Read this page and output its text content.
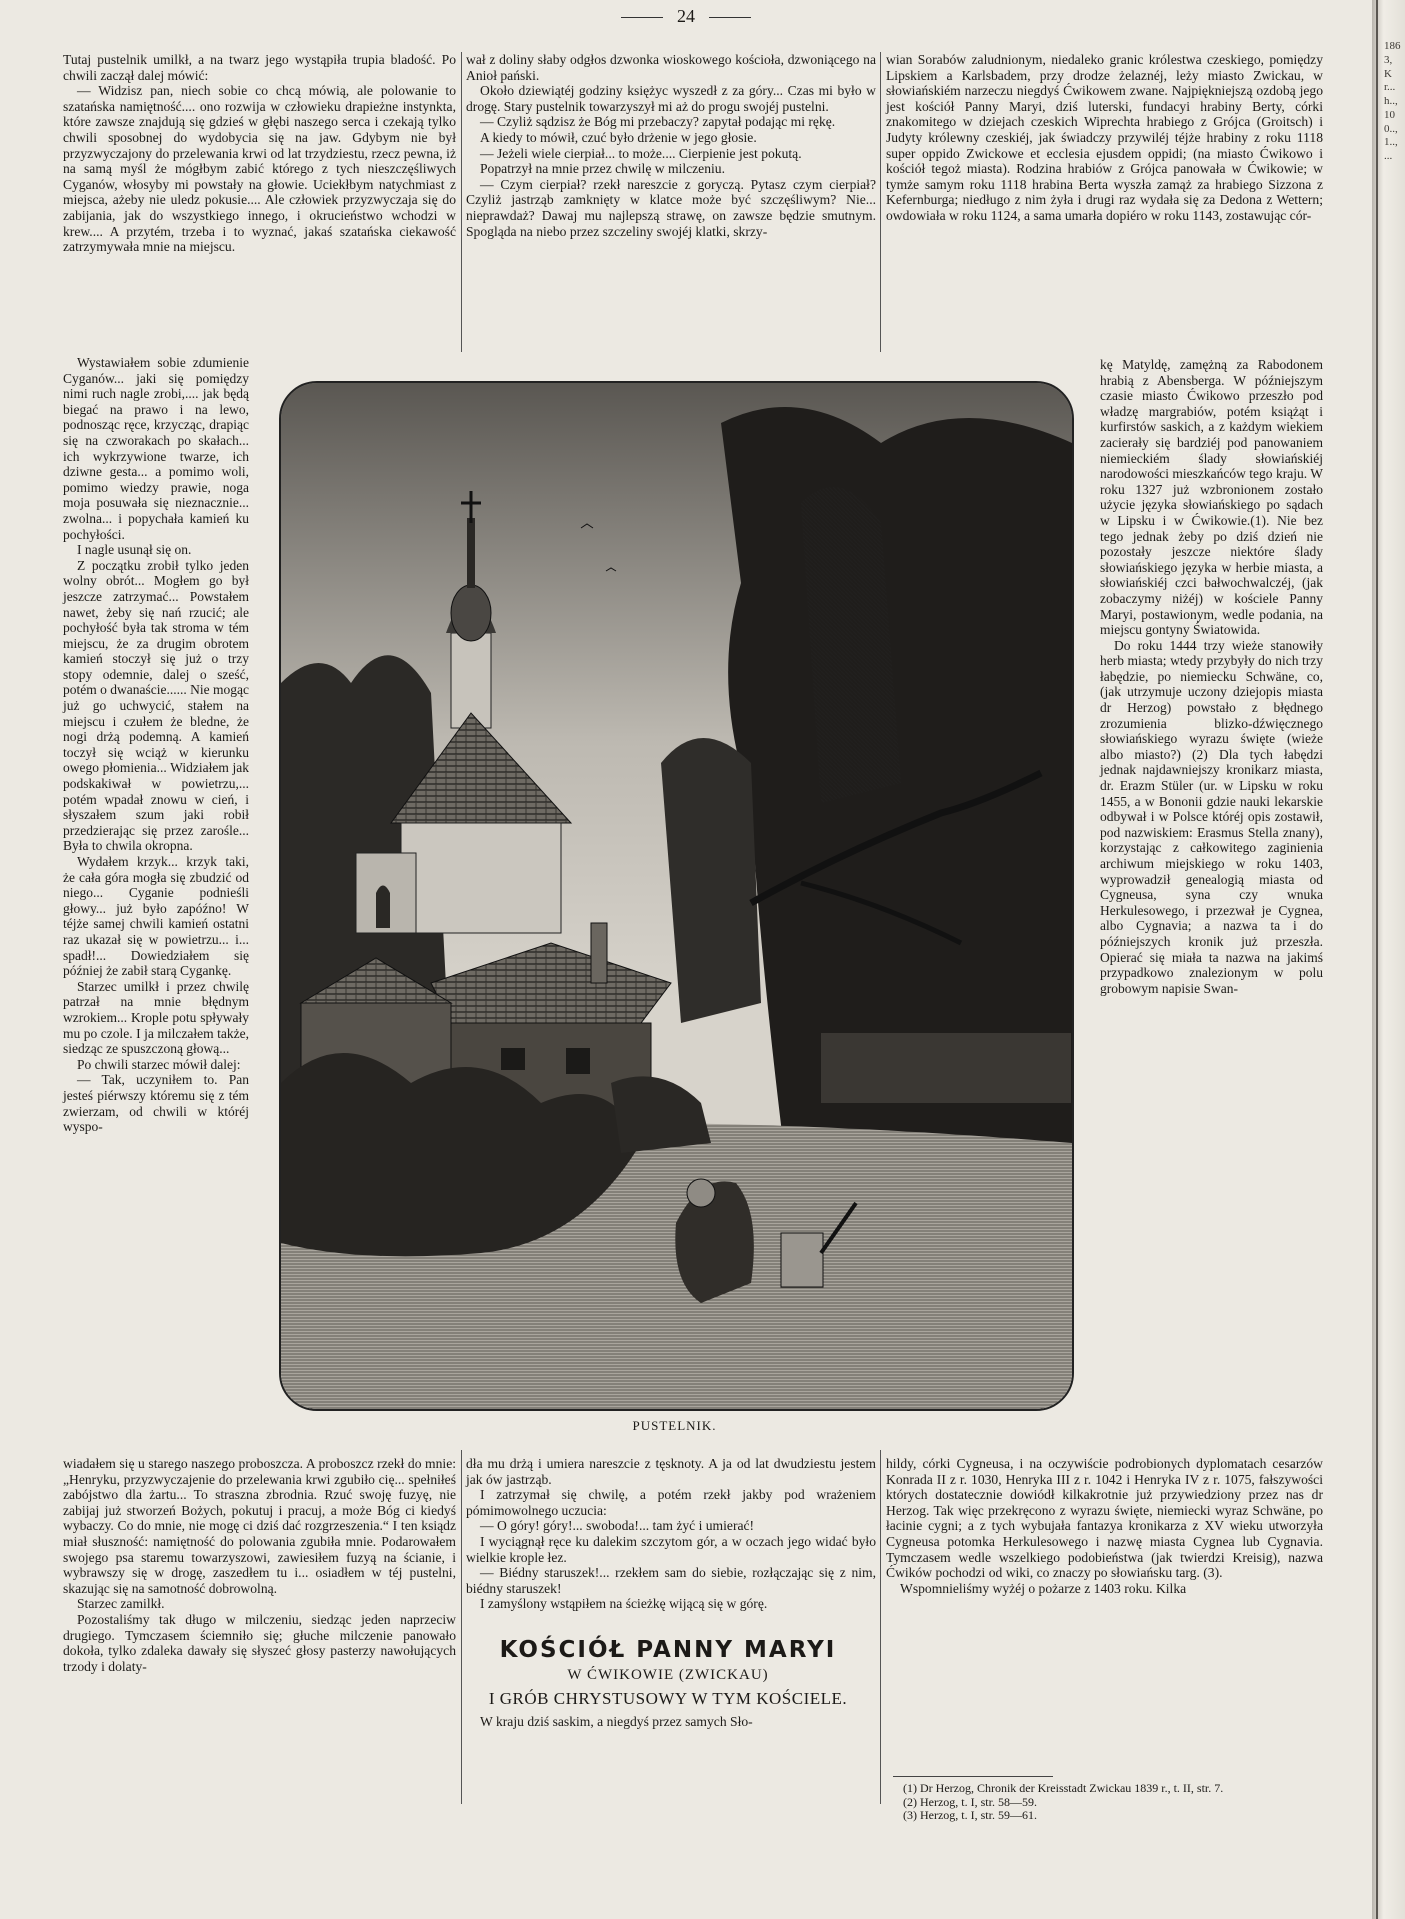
24

Tutaj pustelnik umilkł, a na twarz jego wystąpiła trupia bladość. Po chwili zaczął dalej mówić:

— Widzisz pan, niech sobie co chcą mówią, ale polowanie to szatańska namiętność.... ono rozwija w człowieku drapieżne instynkta, które zawsze znajdują się gdzieś w głębi naszego serca i czekają tylko chwili sposobnej do wydobycia się na jaw. Gdybym nie był przyzwyczajony do przelewania krwi od lat trzydziestu, rzecz pewna, iż na samą myśl że mógłbym zabić którego z tych nieszczęśliwych Cyganów, włosyby mi powstały na głowie. Uciekłbym natychmiast z miejsca, ażeby nie uledz pokusie.... Ale człowiek przyzwyczaja się do zabijania, jak do wszystkiego innego, i okrucieństwo wchodzi w krew.... A przytém, trzeba i to wyznać, jakaś szatańska ciekawość zatrzymywała mnie na miejscu.

Wystawiałem sobie zdumienie Cyganów... jaki się pomiędzy nimi ruch nagle zrobi,.... jak będą biegać na prawo i na lewo, podnosząc ręce, krzycząc, drapiąc się na czworakach po skałach... ich wykrzywione twarze, ich dziwne gesta... a pomimo woli, pomimo wiedzy prawie, noga moja posuwała się nieznacznie... zwolna... i popychała kamień ku pochyłości.

I nagle usunął się on.

Z początku zrobił tylko jeden wolny obrót... Mogłem go był jeszcze zatrzymać... Powstałem nawet, żeby się nań rzucić; ale pochyłość była tak stroma w tém miejscu, że za drugim obrotem kamień stoczył się już o trzy stopy odemnie, dalej o sześć, potém o dwanaście...... Nie mogąc już go uchwycić, stałem na miejscu i czułem że bledne, że nogi drżą podemną. A kamień toczył się wciąż w kierunku owego płomienia... Widziałem jak podskakiwał w powietrzu,... potém wpadał znowu w cień, i słyszałem szum jaki robił przedzierając się przez zarośle... Była to chwila okropna.

Wydałem krzyk... krzyk taki, że cała góra mogła się zbudzić od niego... Cyganie podnieśli głowy... już było zapóźno! W téjże samej chwili kamień ostatni raz ukazał się w powietrzu... i... spadł!... Dowiedziałem się później że zabił starą Cygankę.

Starzec umilkł i przez chwilę patrzał na mnie błędnym wzrokiem... Krople potu spływały mu po czole. I ja milczałem także, siedząc ze spuszczoną głową...

Po chwili starzec mówił dalej:

— Tak, uczyniłem to. Pan jesteś piérwszy któremu się z tém zwierzam, od chwili w któréj wyspo-

wiadałem się u starego naszego proboszcza. A proboszcz rzekł do mnie: „Henryku, przyzwyczajenie do przelewania krwi zgubiło cię... spełniłeś zabójstwo dla żartu... To straszna zbrodnia. Rzuć swoję fuzyę, nie zabijaj już stworzeń Bożych, pokutuj i pracuj, a może Bóg ci kiedyś wybaczy. Co do mnie, nie mogę ci dziś dać rozgrzeszenia.“ I ten ksiądz miał słuszność: namiętność do polowania zgubiła mnie. Podarowałem swojego psa staremu towarzyszowi, zawiesiłem fuzyą na ścianie, i wybrawszy się w drogę, zaszedłem tu i... osiadłem w téj pustelni, skazując się na samotność dobrowolną.

Starzec zamilkł.

Pozostaliśmy tak długo w milczeniu, siedząc jeden naprzeciw drugiego. Tymczasem ściemniło się; głuche milczenie panowało dokoła, tylko zdaleka dawały się słyszeć głosy pasterzy nawołujących trzody i dolaty-

wał z doliny słaby odgłos dzwonka wioskowego kościoła, dzwoniącego na Anioł pański.

Około dziewiątéj godziny księżyc wyszedł z za góry... Czas mi było w drogę. Stary pustelnik towarzyszył mi aż do progu swojéj pustelni.

— Czyliż sądzisz że Bóg mi przebaczy? zapytał podając mi rękę.

A kiedy to mówił, czuć było drżenie w jego głosie.

— Jeżeli wiele cierpiał... to może.... Cierpienie jest pokutą.

Popatrzył na mnie przez chwilę w milczeniu.

— Czym cierpiał? rzekł nareszcie z goryczą. Pytasz czym cierpiał? Czyliż jastrząb zamknięty w klatce może być szczęśliwym? Nie... nieprawdaż? Dawaj mu najlepszą strawę, on zawsze będzie smutnym. Spogląda na niebo przez szczeliny swojéj klatki, skrzy-

dła mu drżą i umiera nareszcie z tęsknoty. A ja od lat dwudziestu jestem jak ów jastrząb.

I zatrzymał się chwilę, a potém rzekł jakby pod wrażeniem pómimowolnego uczucia:

— O góry! góry!... swoboda!... tam żyć i umierać!

I wyciągnął ręce ku dalekim szczytom gór, a w oczach jego widać było wielkie krople łez.

— Biédny staruszek!... rzekłem sam do siebie, rozłączając się z nim, biédny staruszek!

I zamyślony wstąpiłem na ścieżkę wijącą się w górę.

KOŚCIÓŁ PANNY MARYI
W ĆWIKOWIE (ZWICKAU)
I GRÓB CHRYSTUSOWY W TYM KOŚCIELE.

W kraju dziś saskim, a niegdyś przez samych Sło-

wian Sorabów zaludnionym, niedaleko granic królestwa czeskiego, pomiędzy Lipskiem a Karlsbadem, przy drodze żelaznéj, leży miasto Zwickau, w słowiańskiém narzeczu niegdyś Ćwikowem zwane. Najpiękniejszą ozdobą jego jest kościół Panny Maryi, dziś luterski, fundacyi hrabiny Berty, córki znakomitego w dziejach czeskich Wiprechta hrabiego z Grójca (Groitsch) i Judyty królewny czeskiéj, jak świadczy przywiléj téjże hrabiny z roku 1118 super oppido Zwickowe et ecclesia ejusdem oppidi; (na miasto Ćwikowo i kościół tegoż miasta). Rodzina hrabiów z Grójca panowała w Ćwikowie; w tymże samym roku 1118 hrabina Berta wyszła zamąż za hrabiego Sizzona z Kefernburga; niedługo z nim żyła i drugi raz wydała się za Dedona z Wettern; owdowiała w roku 1124, a sama umarła dopiéro w roku 1143, zostawując cór-

kę Matyldę, zamężną za Rabodonem hrabią z Abensberga. W późniejszym czasie miasto Ćwikowo przeszło pod władzę margrabiów, potém książąt i kurfirstów saskich, a z każdym wiekiem zacierały się bardziéj pod panowaniem niemieckiém ślady słowiańskiéj narodowości mieszkańców tego kraju. W roku 1327 już wzbronionem zostało użycie języka słowiańskiego po sądach w Lipsku i w Ćwikowie.(1). Nie bez tego jednak żeby po dziś dzień nie pozostały jeszcze niektóre ślady słowiańskiego języka w herbie miasta, a słowiańskiéj czci bałwochwalczéj, (jak zobaczymy niżéj) w kościele Panny Maryi, postawionym, wedle podania, na miejscu gontyny Światowida.

Do roku 1444 trzy wieże stanowiły herb miasta; wtedy przybyły do nich trzy łabędzie, po niemiecku Schwäne, co, (jak utrzymuje uczony dziejopis miasta dr Herzog) powstało z błędnego zrozumienia blizko-dźwięcznego słowiańskiego wyrazu święte (wieże albo miasto?) (2) Dla tych łabędzi jednak najdawniejszy kronikarz miasta, dr. Erazm Stüler (ur. w Lipsku w roku 1455, a w Bononii gdzie nauki lekarskie odbywał i w Polsce któréj opis zostawił, pod nazwiskiem: Erasmus Stella znany), korzystając z całkowitego zaginienia archiwum miejskiego w roku 1403, wyprowadził genealogią miasta od Cygneusa, syna czy wnuka Herkulesowego, i przezwał je Cygnea, albo Cygnavia; a nazwa ta i do późniejszych kronik już przeszła. Opierać się miała ta nazwa na jakimś przypadkowo znalezionym w polu grobowym napisie Swan-

hildy, córki Cygneusa, i na oczywiście podrobionych dyplomatach cesarzów Konrada II z r. 1030, Henryka III z r. 1042 i Henryka IV z r. 1075, fałszywości których dostatecznie dowiódł kilkakrotnie już przywiedziony przez nas dr Herzog. Tak więc przekręcono z wyrazu święte, niemiecki wyraz Schwäne, po łacinie cygni; a z tych wybujała fantazya kronikarza z XV wieku utworzyła Cygneusa potomka Herkulesowego i nazwę miasta Cygnea lub Cygnavia. Tymczasem wedle wszelkiego podobieństwa (jak twierdzi Kreisig), nazwa Ćwików pochodzi od wiki, co znaczy po słowiańsku targ. (3).

Wspomnieliśmy wyżéj o pożarze z 1403 roku. Kilka

(1) Dr Herzog, Chronik der Kreisstadt Zwickau 1839 r., t. II, str. 7.

(2) Herzog, t. I, str. 58—59.

(3) Herzog, t. I, str. 59—61.

PUSTELNIK.
1863, Kr... h.., 100.., 1.., ...
